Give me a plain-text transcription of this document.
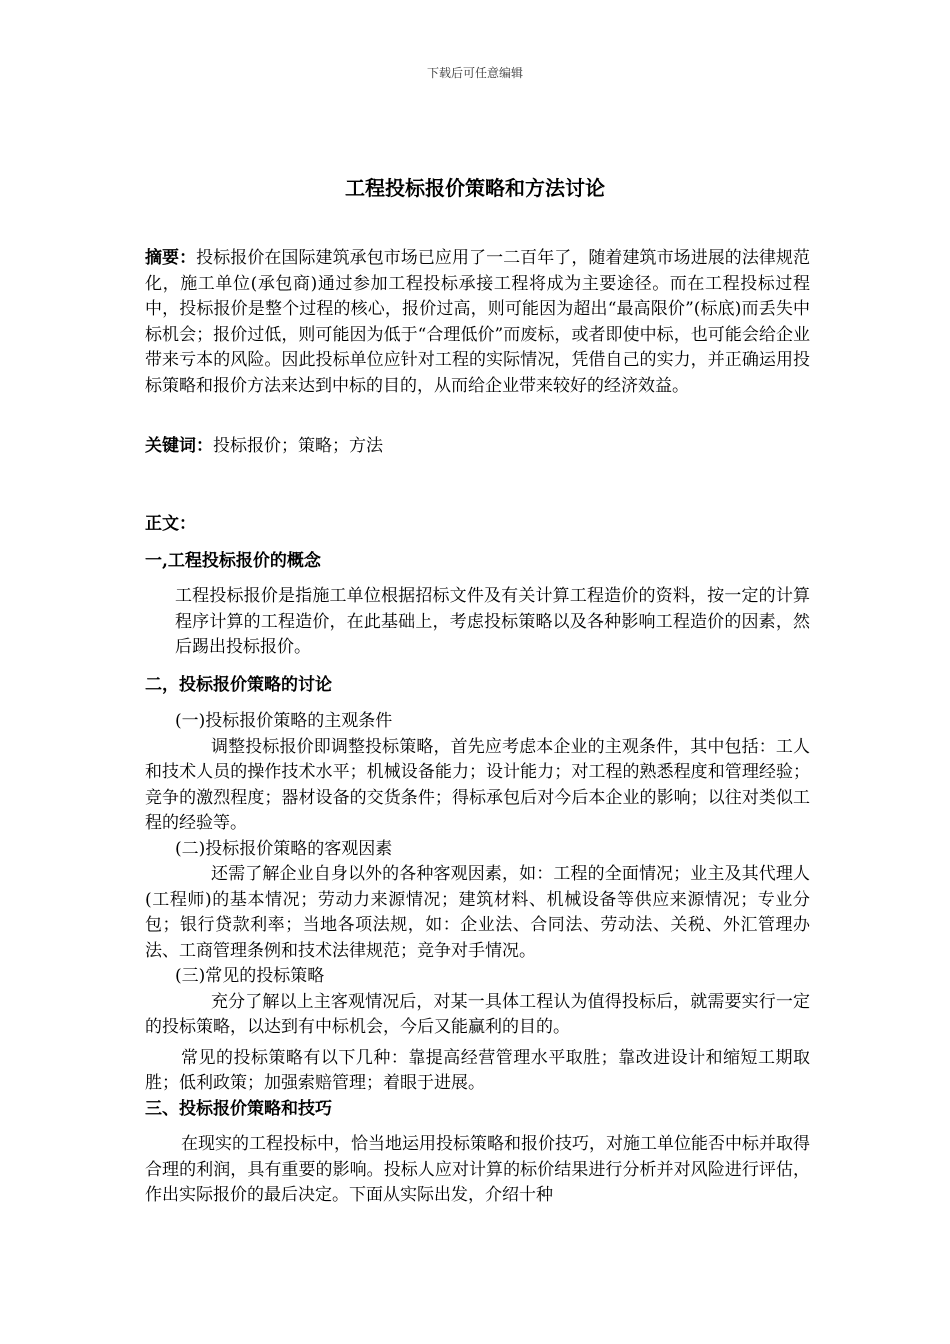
下载后可任意编辑
工程投标报价策略和方法讨论
摘要：投标报价在国际建筑承包市场已应用了一二百年了，随着建筑市场进展的法律规范化，施工单位(承包商)通过参加工程投标承接工程将成为主要途径。而在工程投标过程中，投标报价是整个过程的核心，报价过高，则可能因为超出“最高限价”(标底)而丢失中标机会；报价过低，则可能因为低于“合理低价”而废标，或者即使中标，也可能会给企业带来亏本的风险。因此投标单位应针对工程的实际情况，凭借自己的实力，并正确运用投标策略和报价方法来达到中标的目的，从而给企业带来较好的经济效益。
关键词：投标报价；策略；方法
正文：
一,工程投标报价的概念
工程投标报价是指施工单位根据招标文件及有关计算工程造价的资料，按一定的计算程序计算的工程造价，在此基础上，考虑投标策略以及各种影响工程造价的因素，然后踢出投标报价。
二，投标报价策略的讨论
(一)投标报价策略的主观条件
调整投标报价即调整投标策略，首先应考虑本企业的主观条件，其中包括：工人和技术人员的操作技术水平；机械设备能力；设计能力；对工程的熟悉程度和管理经验；竞争的激烈程度；器材设备的交货条件；得标承包后对今后本企业的影响；以往对类似工程的经验等。
(二)投标报价策略的客观因素
还需了解企业自身以外的各种客观因素，如：工程的全面情况；业主及其代理人(工程师)的基本情况；劳动力来源情况；建筑材料、机械设备等供应来源情况；专业分包；银行贷款利率；当地各项法规，如：企业法、合同法、劳动法、关税、外汇管理办法、工商管理条例和技术法律规范；竞争对手情况。
(三)常见的投标策略
充分了解以上主客观情况后，对某一具体工程认为值得投标后，就需要实行一定的投标策略，以达到有中标机会，今后又能赢利的目的。
常见的投标策略有以下几种：靠提高经营管理水平取胜；靠改进设计和缩短工期取胜；低利政策；加强索赔管理；着眼于进展。
三、投标报价策略和技巧
在现实的工程投标中，恰当地运用投标策略和报价技巧，对施工单位能否中标并取得合理的利润，具有重要的影响。投标人应对计算的标价结果进行分析并对风险进行评估，作出实际报价的最后决定。下面从实际出发，介绍十种
